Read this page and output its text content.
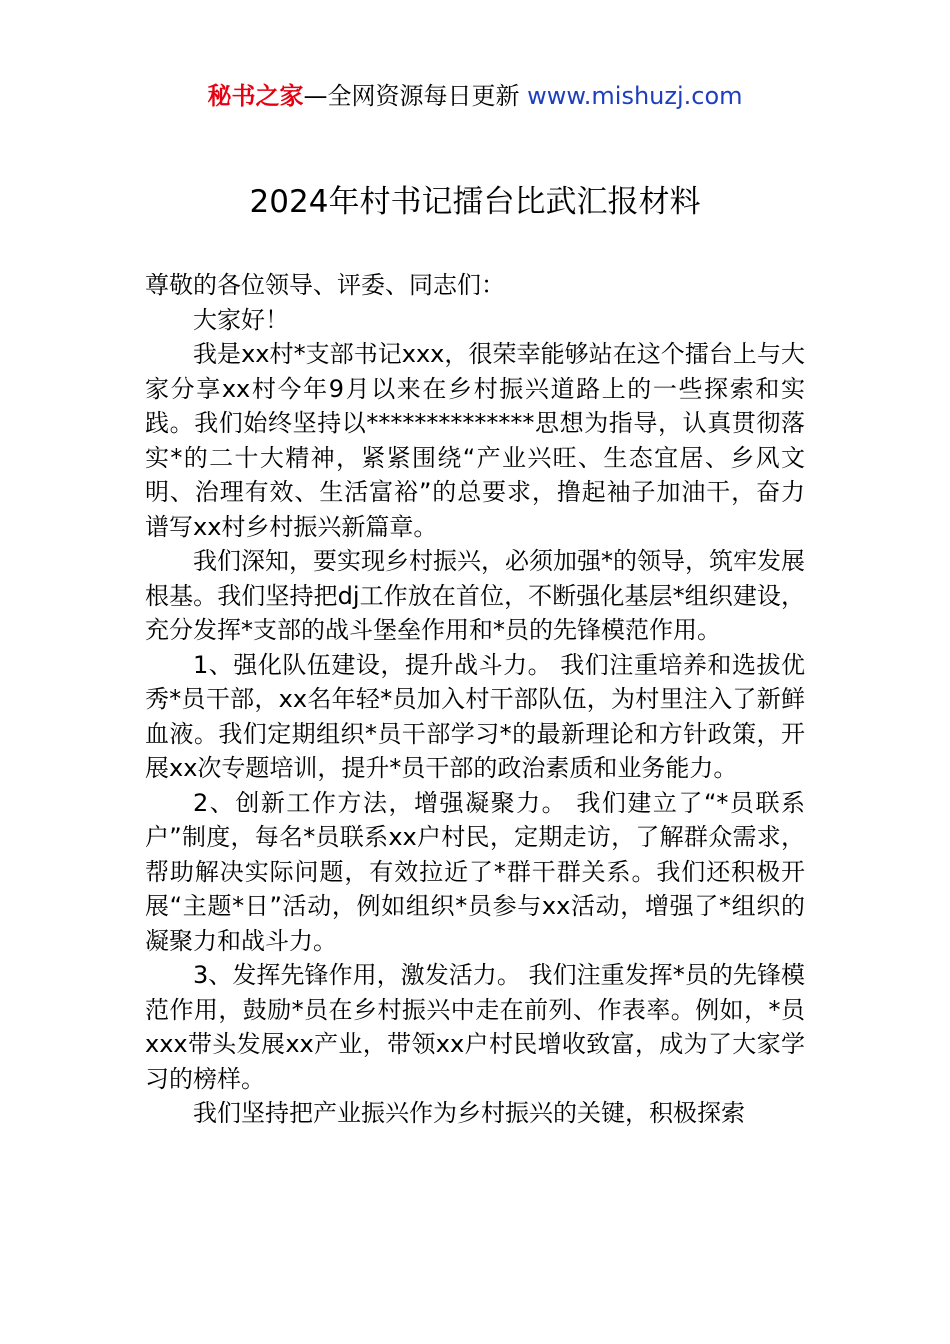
秘书之家—全网资源每日更新 www.mishuzj.com
2024年村书记擂台比武汇报材料

尊敬的各位领导、评委、同志们：

大家好！

我是xx村*支部书记xxx，很荣幸能够站在这个擂台上与大家分享xx村今年9月以来在乡村振兴道路上的一些探索和实践。我们始终坚持以**************思想为指导，认真贯彻落实*的二十大精神，紧紧围绕“产业兴旺、生态宜居、乡风文明、治理有效、生活富裕”的总要求，撸起袖子加油干，奋力谱写xx村乡村振兴新篇章。

我们深知，要实现乡村振兴，必须加强*的领导，筑牢发展根基。我们坚持把dj工作放在首位，不断强化基层*组织建设，充分发挥*支部的战斗堡垒作用和*员的先锋模范作用。

1、强化队伍建设，提升战斗力。 我们注重培养和选拔优秀*员干部，xx名年轻*员加入村干部队伍，为村里注入了新鲜血液。我们定期组织*员干部学习*的最新理论和方针政策，开展xx次专题培训，提升*员干部的政治素质和业务能力。

2、创新工作方法，增强凝聚力。 我们建立了“*员联系户”制度，每名*员联系xx户村民，定期走访，了解群众需求，帮助解决实际问题，有效拉近了*群干群关系。我们还积极开展“主题*日”活动，例如组织*员参与xx活动，增强了*组织的凝聚力和战斗力。

3、发挥先锋作用，激发活力。 我们注重发挥*员的先锋模范作用，鼓励*员在乡村振兴中走在前列、作表率。例如，*员xxx带头发展xx产业，带领xx户村民增收致富，成为了大家学习的榜样。

我们坚持把产业振兴作为乡村振兴的关键，积极探索
